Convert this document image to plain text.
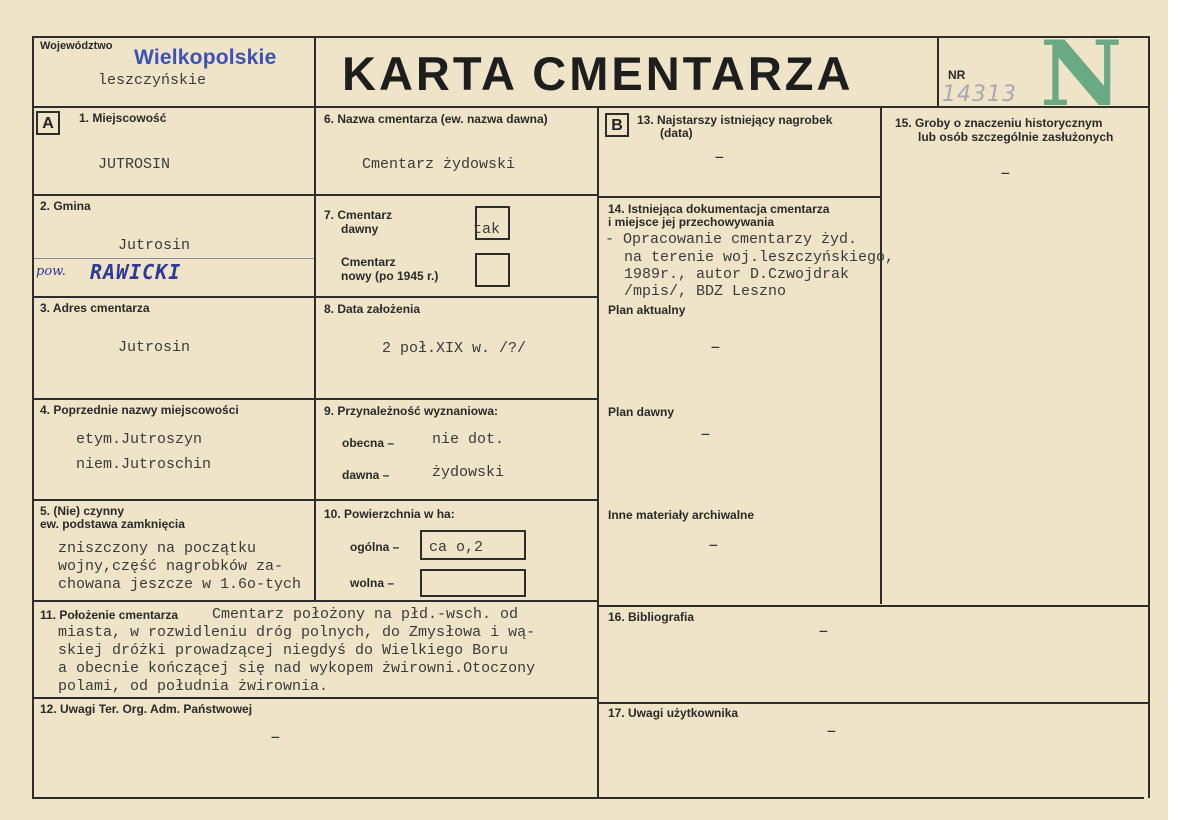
Województwo Wielkopolskie
leszczyńskie	KARTA CMENTARZA	NR
14313 N
A	1. Miejscowość
JUTROSIN
2. Gmina
Jutrosin
pow. RAWICKI
3. Adres cmentarza
Jutrosin
4. Poprzednie nazwy miejscowości
etym.Jutroszyn
niem.Jutroschin
5. (Nie) czynny
ew. podstawa zamknięcia
zniszczony na początku
wojny,część nagrobków za-
chowana jeszcze w 1.6o-tych
6. Nazwa cmentarza (ew. nazwa dawna)
Cmentarz żydowski
7. Cmentarz
dawny	tak
Cmentarz
nowy (po 1945 r.)
8. Data założenia
2 poł.XIX w. /?/
9. Przynależność wyznaniowa:
obecna –	nie dot.
dawna –	żydowski
10. Powierzchnia w ha:
ogólna – ca o,2
wolna –
11. Położenie cmentarza Cmentarz położony na płd.-wsch. od
miasta, w rozwidleniu dróg polnych, do Zmysłowa i wą-
skiej dróżki prowadzącej niegdyś do Wielkiego Boru
a obecnie kończącej się nad wykopem żwirowni.Otoczony
polami, od południa żwirownia.
12. Uwagi Ter. Org. Adm. Państwowej
–
B	13. Najstarszy istniejący nagrobek
(data)
–
14. Istniejąca dokumentacja cmentarza
i miejsce jej przechowywania
- Opracowanie cmentarzy żyd.
na terenie woj.leszczyńskiego,
1989r., autor D.Czwojdrak
/mpis/, BDZ Leszno
Plan aktualny
–
Plan dawny
–
Inne materiały archiwalne
–
15. Groby o znaczeniu historycznym
lub osób szczególnie zasłużonych
–
16. Bibliografia
–
17. Uwagi użytkownika
–
